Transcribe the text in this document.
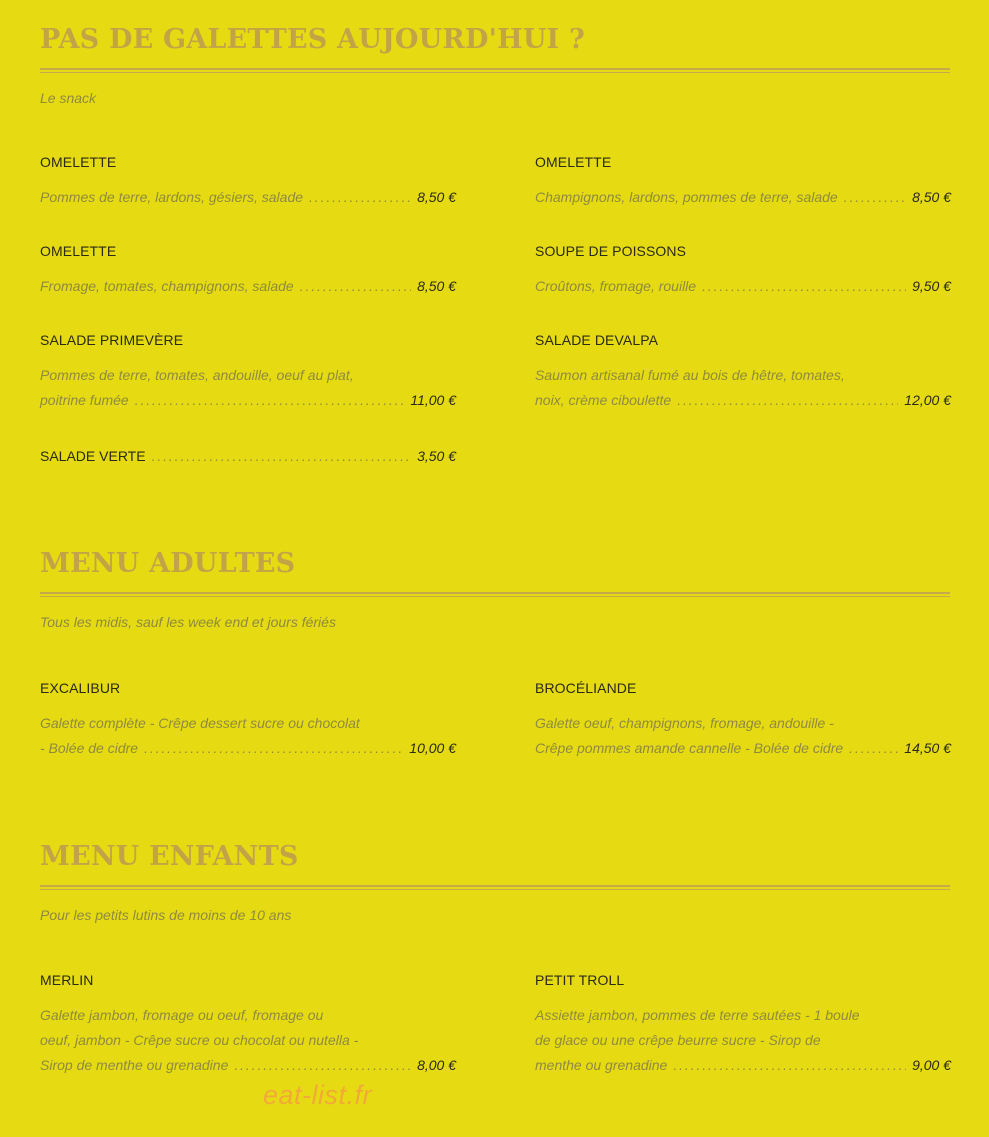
PAS DE GALETTES AUJOURD'HUI ?
Le snack
OMELETTE
Pommes de terre, lardons, gésiers, salade . . .	8,50 €
OMELETTE
Champignons, lardons, pommes de terre, salade . . .	8,50 €
OMELETTE
Fromage, tomates, champignons, salade . . .	8,50 €
SOUPE DE POISSONS
Croûtons, fromage, rouille . . .	9,50 €
SALADE PRIMEVÈRE
Pommes de terre, tomates, andouille, oeuf au plat,
poitrine fumée . . .	11,00 €
SALADE DEVALPA
Saumon artisanal fumé au bois de hêtre, tomates,
noix, crème ciboulette . . .	12,00 €
SALADE VERTE . . .	3,50 €
MENU ADULTES
Tous les midis, sauf les week end et jours fériés
EXCALIBUR
Galette complète - Crêpe dessert sucre ou chocolat
- Bolée de cidre . . .	10,00 €
BROCÉLIANDE
Galette oeuf, champignons, fromage, andouille -
Crêpe pommes amande cannelle - Bolée de cidre . . .	14,50 €
MENU ENFANTS
Pour les petits lutins de moins de 10 ans
MERLIN
Galette jambon, fromage ou oeuf, fromage ou
oeuf, jambon - Crêpe sucre ou chocolat ou nutella -
Sirop de menthe ou grenadine . . .	8,00 €
PETIT TROLL
Assiette jambon, pommes de terre sautées - 1 boule
de glace ou une crêpe beurre sucre - Sirop de
menthe ou grenadine . . .	9,00 €
eat-list.fr
